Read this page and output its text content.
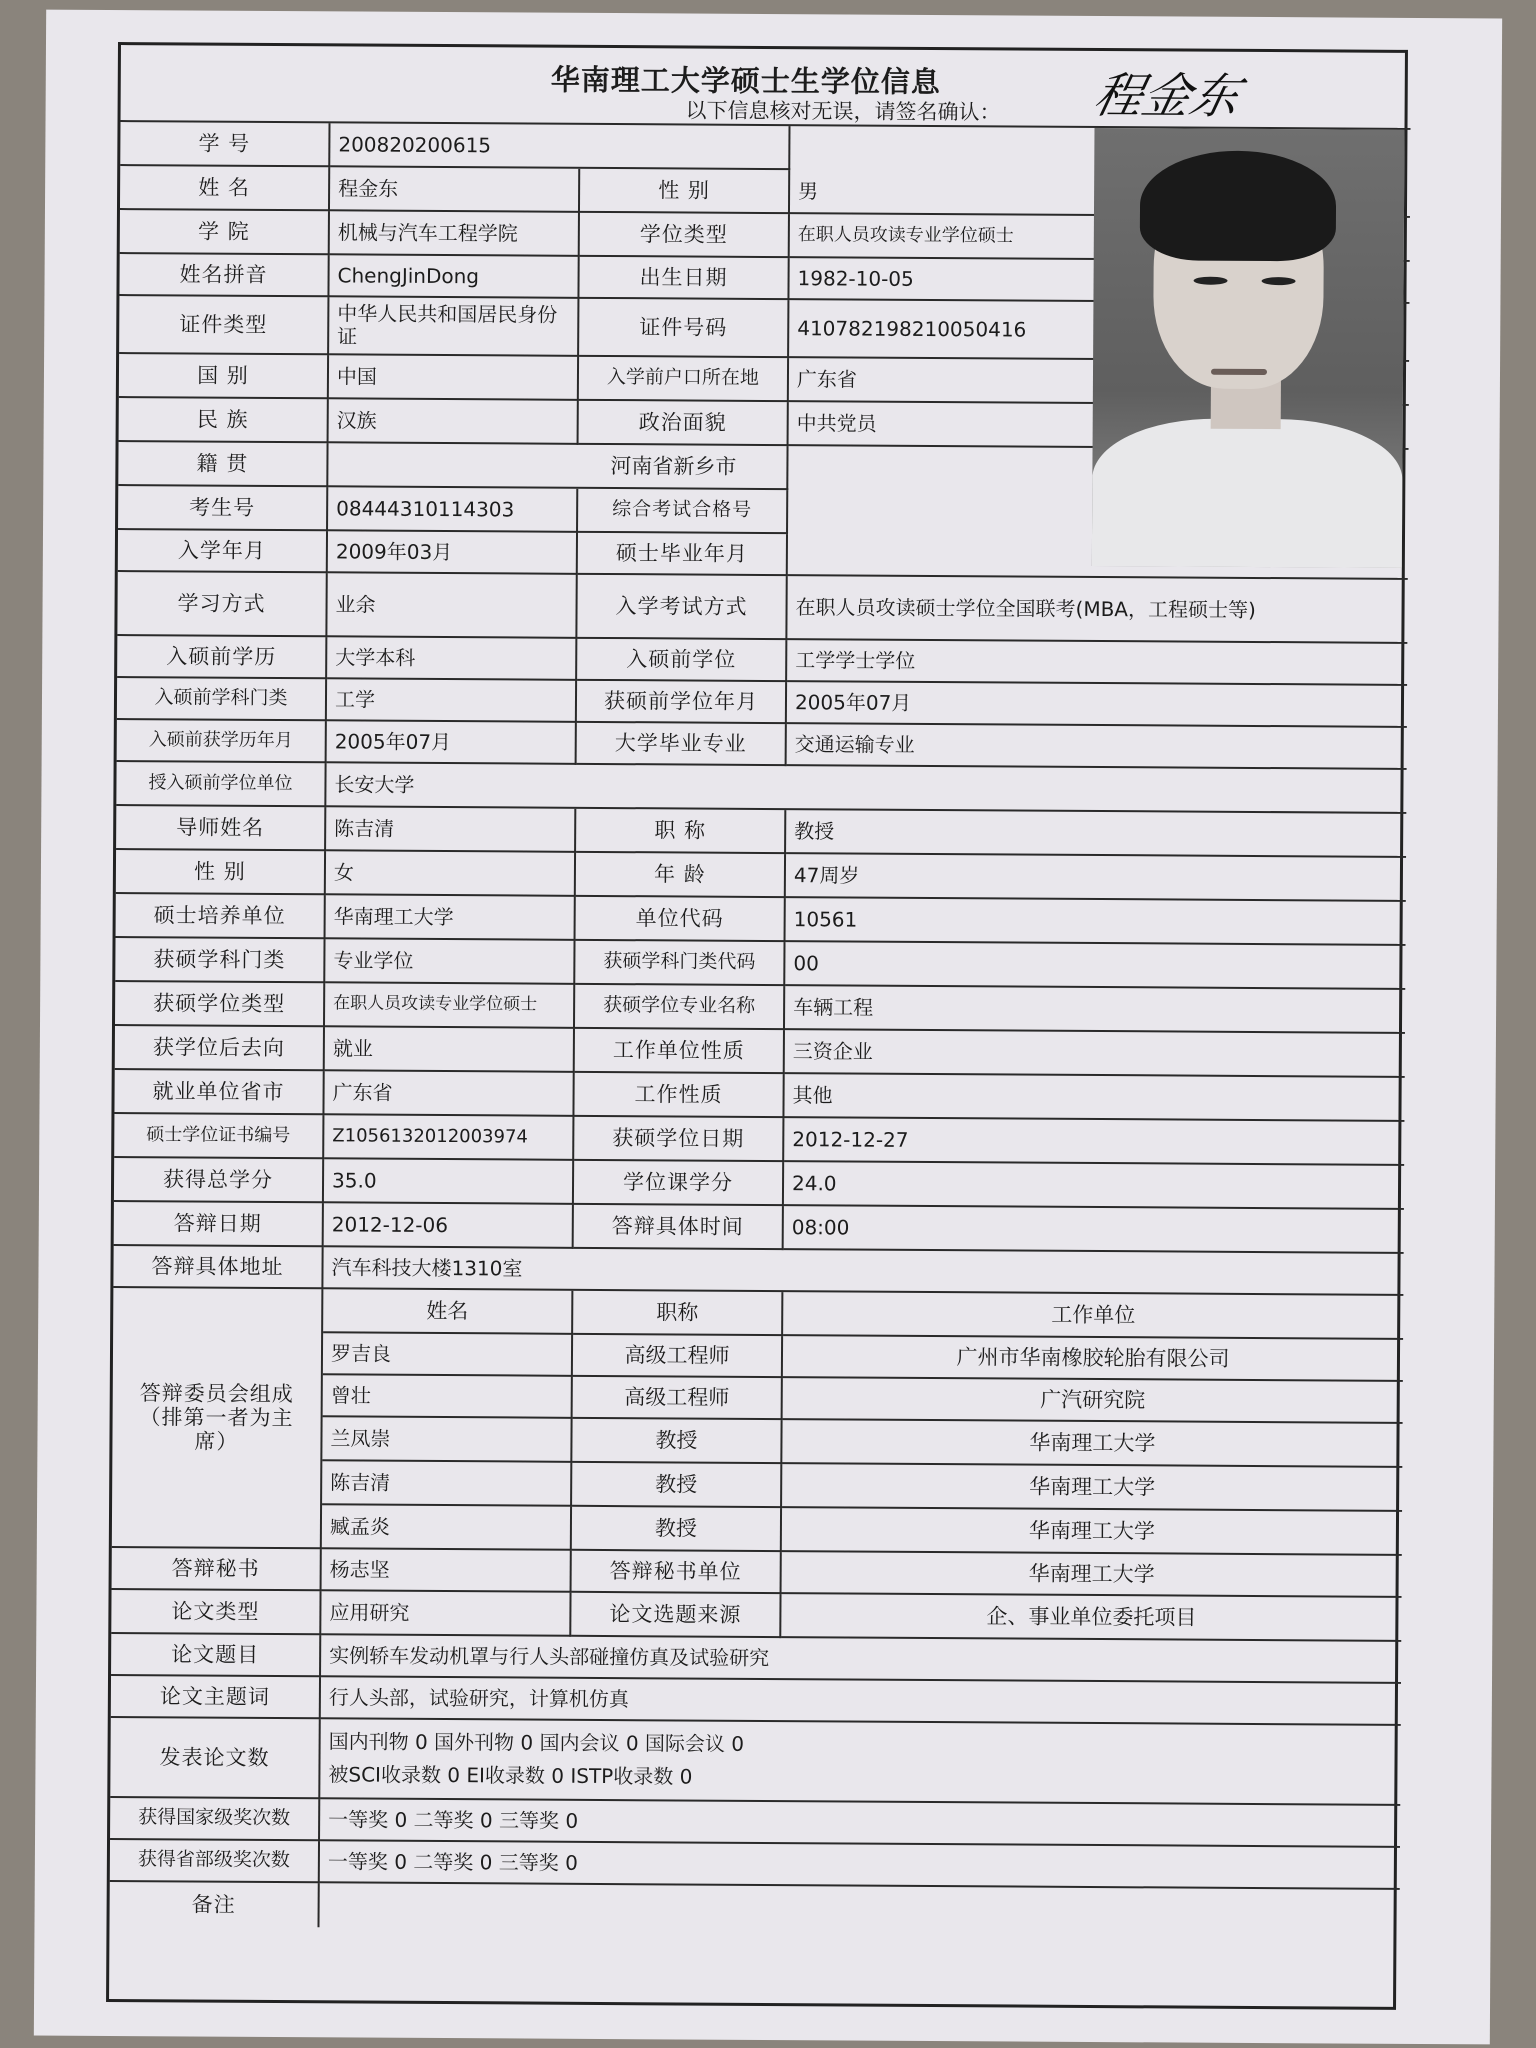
华南理工大学硕士生学位信息
以下信息核对无误，请签名确认： 程金东
学 号	200820200615
姓 名	程金东	性 别	男
学 院	机械与汽车工程学院	学位类型	在职人员攻读专业学位硕士
姓名拼音	ChengJinDong	出生日期	1982-10-05
证件类型	中华人民共和国居民身份证	证件号码	410782198210050416
国 别	中国	入学前户口所在地	广东省
民 族	汉族	政治面貌	中共党员
籍 贯	河南省新乡市
考生号	08444310114303	综合考试合格号
入学年月	2009年03月	硕士毕业年月
学习方式	业余	入学考试方式	在职人员攻读硕士学位全国联考(MBA，工程硕士等)
入硕前学历	大学本科	入硕前学位	工学学士学位
入硕前学科门类	工学	获硕前学位年月	2005年07月
入硕前获学历年月	2005年07月	大学毕业专业	交通运输专业
授入硕前学位单位	长安大学
导师姓名	陈吉清	职 称	教授
性 别	女	年 龄	47周岁
硕士培养单位	华南理工大学	单位代码	10561
获硕学科门类	专业学位	获硕学科门类代码	00
获硕学位类型	在职人员攻读专业学位硕士	获硕学位专业名称	车辆工程
获学位后去向	就业	工作单位性质	三资企业
就业单位省市	广东省	工作性质	其他
硕士学位证书编号	Z1056132012003974	获硕学位日期	2012-12-27
获得总学分	35.0	学位课学分	24.0
答辩日期	2012-12-06	答辩具体时间	08:00
答辩具体地址	汽车科技大楼1310室
答辩委员会组成（排第一者为主席）
姓名	职称	工作单位
罗吉良	高级工程师	广州市华南橡胶轮胎有限公司
曾壮	高级工程师	广汽研究院
兰凤崇	教授	华南理工大学
陈吉清	教授	华南理工大学
臧孟炎	教授	华南理工大学
答辩秘书	杨志坚	答辩秘书单位	华南理工大学
论文类型	应用研究	论文选题来源	企、事业单位委托项目
论文题目	实例轿车发动机罩与行人头部碰撞仿真及试验研究
论文主题词	行人头部，试验研究，计算机仿真
发表论文数
国内刊物 0 国外刊物 0 国内会议 0 国际会议 0
被SCI收录数 0 EI收录数 0 ISTP收录数 0
获得国家级奖次数	一等奖 0 二等奖 0 三等奖 0
获得省部级奖次数	一等奖 0 二等奖 0 三等奖 0
备注
